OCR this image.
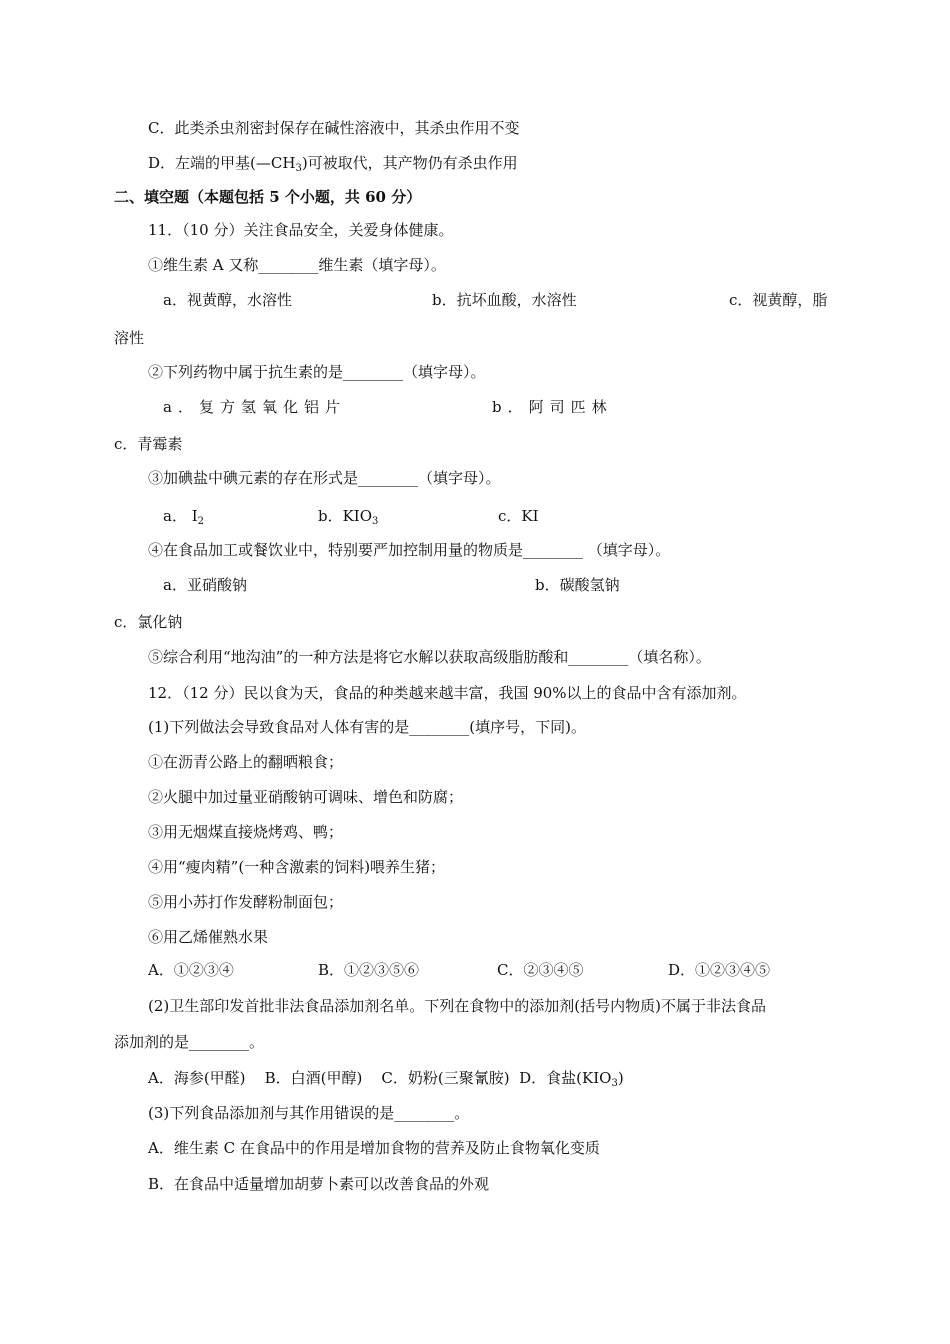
C．此类杀虫剂密封保存在碱性溶液中，其杀虫作用不变
D．左端的甲基$(—CH_3)$可被取代，其产物仍有杀虫作用
二、填空题（本题包括 5 个小题，共 60 分）
11．（10 分）关注食品安全，关爱身体健康。
①维生素 A 又称________维生素（填字母）。
a．视黄醇，水溶性	b．抗坏血酸，水溶性	c．视黄醇，脂
溶性
②下列药物中属于抗生素的是________（填字母）。
a．复方氢氧化铝片	b．阿司匹林
c．青霉素
③加碘盐中碘元素的存在形式是________（填字母）。
a． $I_2$	b．$KIO_3$	c．KI
④在食品加工或餐饮业中，特别要严加控制用量的物质是________ （填字母）。
a．亚硝酸钠	b．碳酸氢钠
c．氯化钠
⑤综合利用“地沟油”的一种方法是将它水解以获取高级脂肪酸和________（填名称）。
12．（12 分）民以食为天，食品的种类越来越丰富，我国 90%以上的食品中含有添加剂。
(1)下列做法会导致食品对人体有害的是________(填序号，下同)。
①在沥青公路上的翻晒粮食；
②火腿中加过量亚硝酸钠可调味、增色和防腐；
③用无烟煤直接烧烤鸡、鸭；
④用“瘦肉精”(一种含激素的饲料)喂养生猪；
⑤用小苏打作发酵粉制面包；
⑥用乙烯催熟水果
A．①②③④	B．①②③⑤⑥	C．②③④⑤	D．①②③④⑤
(2)卫生部印发首批非法食品添加剂名单。下列在食物中的添加剂(括号内物质)不属于非法食品
添加剂的是________。
A．海参(甲醛)    B．白酒(甲醇)    C．奶粉(三聚氰胺)  D．食盐$(KIO_3)$
(3)下列食品添加剂与其作用错误的是________。
A．维生素 C 在食品中的作用是增加食物的营养及防止食物氧化变质
B．在食品中适量增加胡萝卜素可以改善食品的外观
